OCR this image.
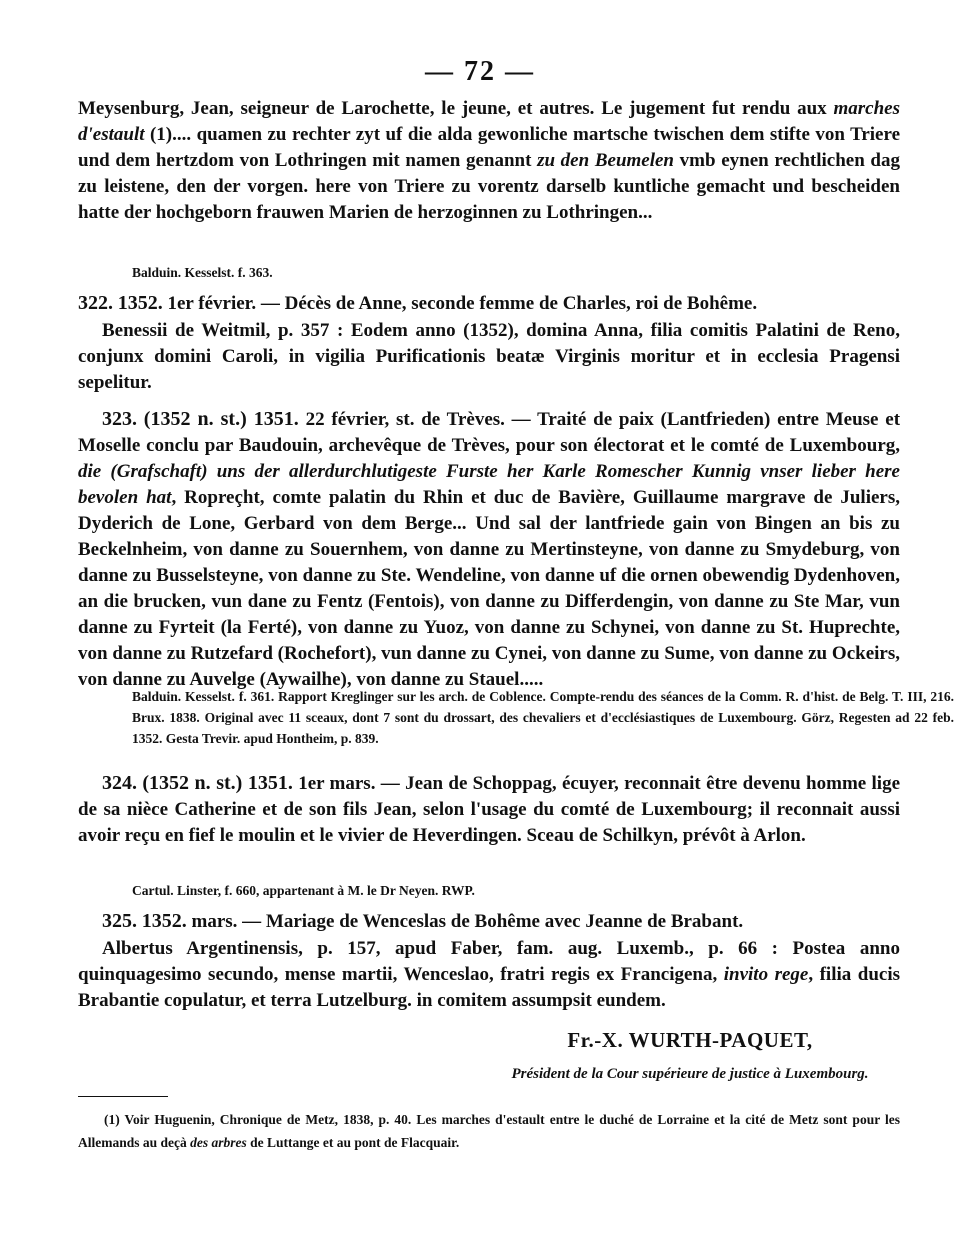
— 72 —
Meysenburg, Jean, seigneur de Larochette, le jeune, et autres. Le jugement fut rendu aux marches d'estault (1).... quamen zu rechter zyt uf die alda gewonliche martsche twischen dem stifte von Triere und dem hertzdom von Lothringen mit namen genannt zu den Beumelen vmb eynen rechtlichen dag zu leistene, den der vorgen. here von Triere zu vorentz darselb kuntliche gemacht und bescheiden hatte der hochgeborn frauwen Marien de herzoginnen zu Lothringen...
Balduin. Kesselst. f. 363.
322. 1352. 1er février. — Décès de Anne, seconde femme de Charles, roi de Bohême.
Benessii de Weitmil, p. 357 : Eodem anno (1352), domina Anna, filia comitis Palatini de Reno, conjunx domini Caroli, in vigilia Purificationis beatæ Virginis moritur et in ecclesia Pragensi sepelitur.
323. (1352 n. st.) 1351. 22 février, st. de Trèves. — Traité de paix (Lantfrieden) entre Meuse et Moselle conclu par Baudouin, archevêque de Trèves, pour son électorat et le comté de Luxembourg, die (Grafschaft) uns der allerdurchlutigeste Furste her Karle Romescher Kunnig vnser lieber here bevolen hat, Ropreçht, comte palatin du Rhin et duc de Bavière, Guillaume margrave de Juliers, Dyderich de Lone, Gerbard von dem Berge... Und sal der lantfriede gain von Bingen an bis zu Beckelnheim, von danne zu Souernhem, von danne zu Mertinsteyne, von danne zu Smydeburg, von danne zu Busselsteyne, von danne zu Ste. Wendeline, von danne uf die ornen obewendig Dydenhoven, an die brucken, vun dane zu Fentz (Fentois), von danne zu Differdengin, von danne zu Ste Mar, vun danne zu Fyrteit (la Ferté), von danne zu Yuoz, von danne zu Schynei, von danne zu St. Huprechte, von danne zu Rutzefard (Rochefort), vun danne zu Cynei, von danne zu Sume, von danne zu Ockeirs, von danne zu Auvelge (Aywailhe), von danne zu Stauel.....
Balduin. Kesselst. f. 361. Rapport Kreglinger sur les arch. de Coblence. Compte-rendu des séances de la Comm. R. d'hist. de Belg. T. III, 216. Brux. 1838. Original avec 11 sceaux, dont 7 sont du drossart, des chevaliers et d'ecclésiastiques de Luxembourg. Görz, Regesten ad 22 feb. 1352. Gesta Trevir. apud Hontheim, p. 839.
324. (1352 n. st.) 1351. 1er mars. — Jean de Schoppag, écuyer, reconnait être devenu homme lige de sa nièce Catherine et de son fils Jean, selon l'usage du comté de Luxembourg; il reconnait aussi avoir reçu en fief le moulin et le vivier de Heverdingen. Sceau de Schilkyn, prévôt à Arlon.
Cartul. Linster, f. 660, appartenant à M. le Dr Neyen. RWP.
325. 1352. mars. — Mariage de Wenceslas de Bohême avec Jeanne de Brabant.
Albertus Argentinensis, p. 157, apud Faber, fam. aug. Luxemb., p. 66 : Postea anno quinquagesimo secundo, mense martii, Wenceslao, fratri regis ex Francigena, invito rege, filia ducis Brabantie copulatur, et terra Lutzelburg. in comitem assumpsit eundem.
Fr.-X. WURTH-PAQUET,
Président de la Cour supérieure de justice à Luxembourg.
(1) Voir Huguenin, Chronique de Metz, 1838, p. 40. Les marches d'estault entre le duché de Lorraine et la cité de Metz sont pour les Allemands au deçà des arbres de Luttange et au pont de Flacquair.
